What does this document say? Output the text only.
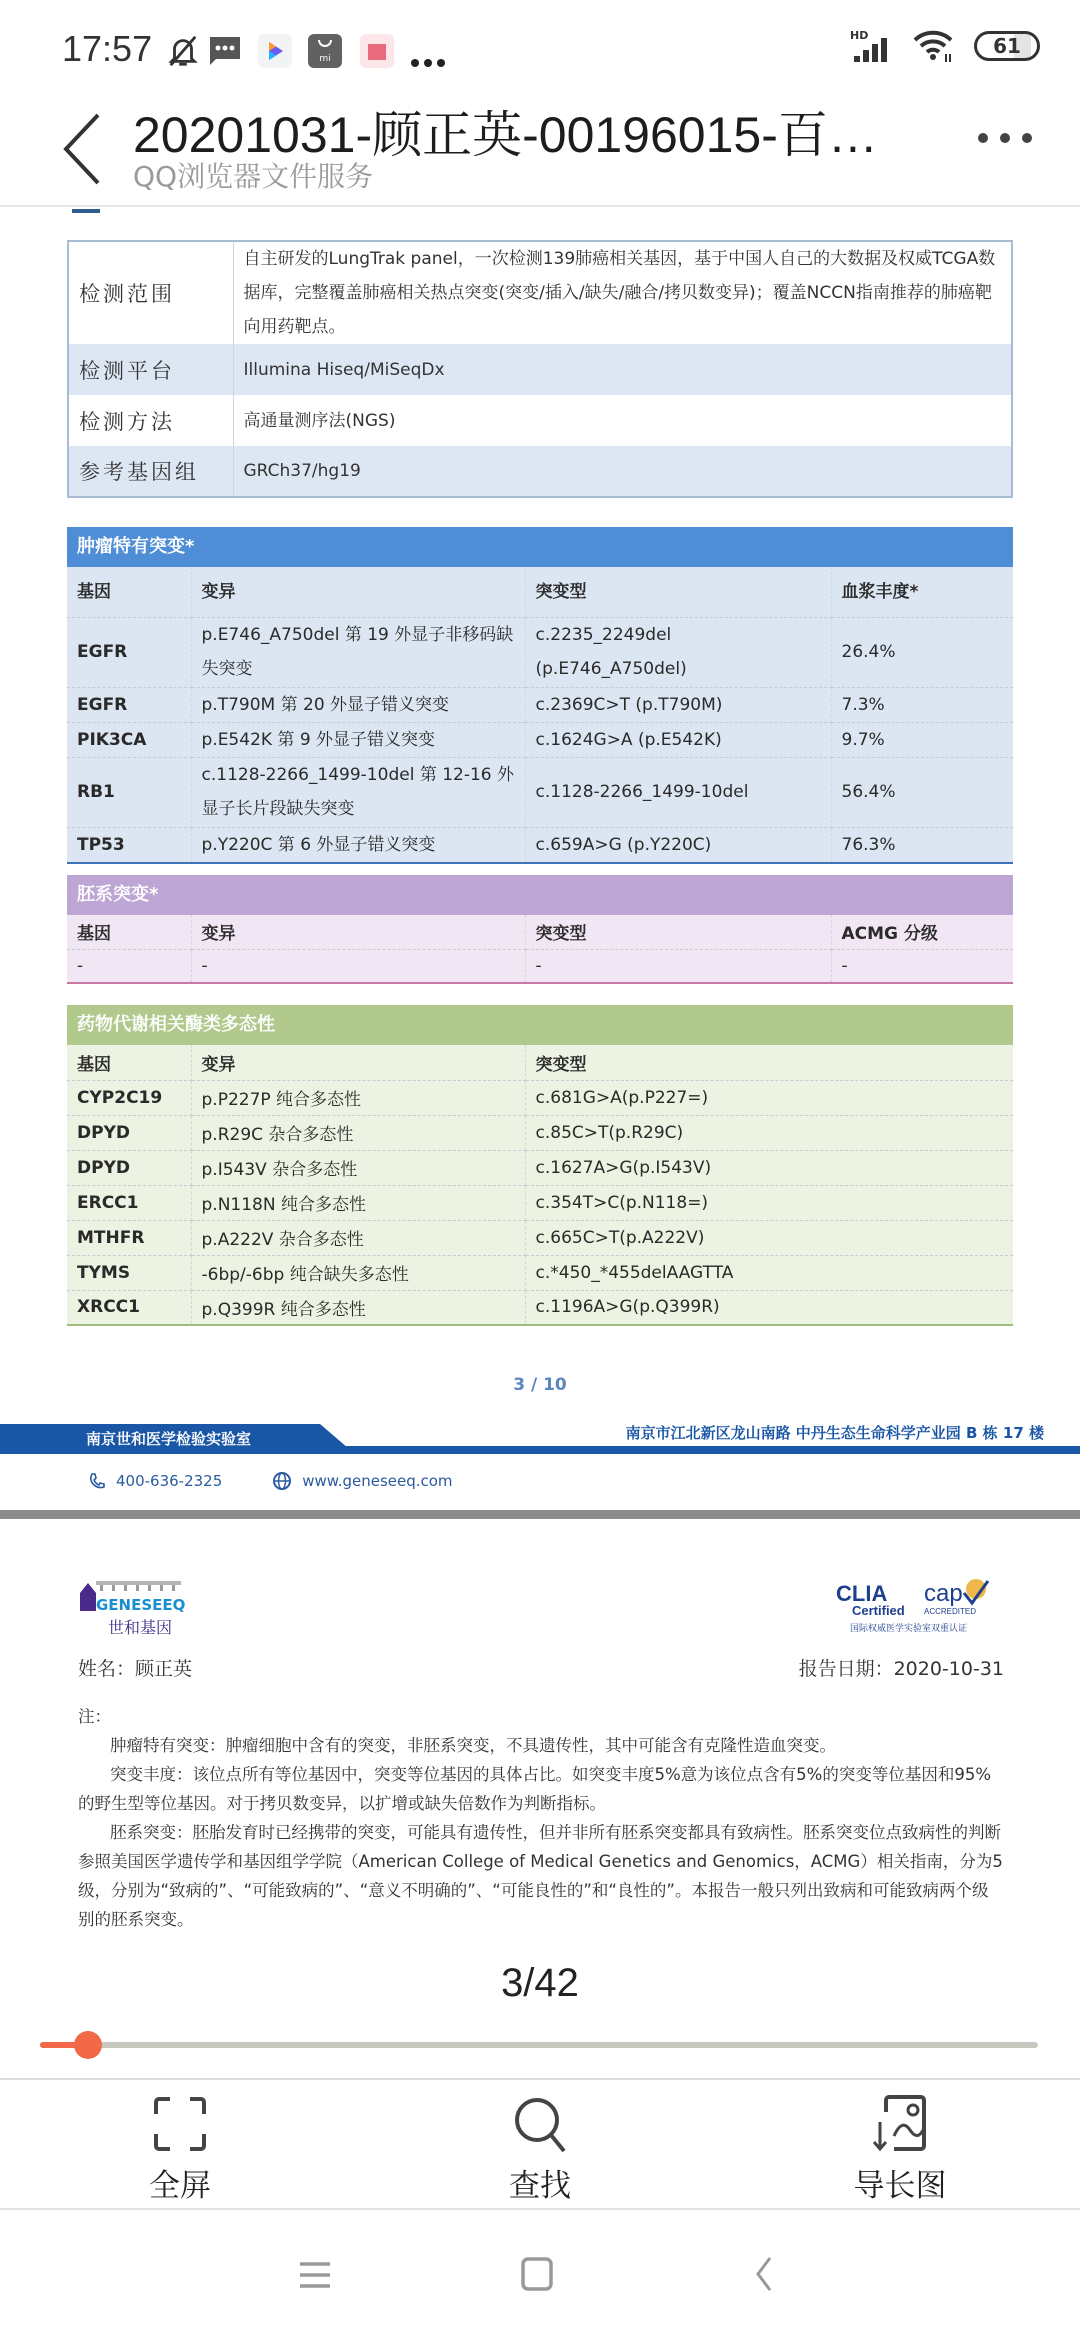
17:57	mi
HD	61
20201031-顾正英-00196015-百…
QQ浏览器文件服务
检测范围	自主研发的LungTrak panel，一次检测139肺癌相关基因，基于中国人自己的大数据及权威TCGA数据库，完整覆盖肺癌相关热点突变(突变/插入/缺失/融合/拷贝数变异)；覆盖NCCN指南推荐的肺癌靶向用药靶点。
检测平台	Illumina Hiseq/MiSeqDx
检测方法	高通量测序法(NGS)
参考基因组	GRCh37/hg19
肿瘤特有突变*
基因	变异	突变型	血浆丰度*
EGFR	p.E746_A750del 第 19 外显子非移码缺失突变	c.2235_2249del (p.E746_A750del)	26.4%
EGFR	p.T790M 第 20 外显子错义突变	c.2369C>T (p.T790M)	7.3%
PIK3CA	p.E542K 第 9 外显子错义突变	c.1624G>A (p.E542K)	9.7%
RB1	c.1128-2266_1499-10del 第 12-16 外显子长片段缺失突变	c.1128-2266_1499-10del	56.4%
TP53	p.Y220C 第 6 外显子错义突变	c.659A>G (p.Y220C)	76.3%
胚系突变*
基因	变异	突变型	ACMG 分级
-	-	-	-
药物代谢相关酶类多态性
基因	变异	突变型
CYP2C19	p.P227P 纯合多态性	c.681G>A(p.P227=)
DPYD	p.R29C 杂合多态性	c.85C>T(p.R29C)
DPYD	p.I543V 杂合多态性	c.1627A>G(p.I543V)
ERCC1	p.N118N 纯合多态性	c.354T>C(p.N118=)
MTHFR	p.A222V 杂合多态性	c.665C>T(p.A222V)
TYMS	-6bp/-6bp 纯合缺失多态性	c.*450_*455delAAGTTA
XRCC1	p.Q399R 纯合多态性	c.1196A>G(p.Q399R)
3 / 10
南京世和医学检验实验室	南京市江北新区龙山南路 中丹生态生命科学产业园 B 栋 17 楼
400-636-2325	www.geneseeq.com
GENESEEQ
世和基因
CLIA
Certified
cap
ACCREDITED
国际权威医学实验室双重认证
姓名：顾正英	报告日期：2020-10-31

注：

肿瘤特有突变：肿瘤细胞中含有的突变，非胚系突变，不具遗传性，其中可能含有克隆性造血突变。

突变丰度：该位点所有等位基因中，突变等位基因的具体占比。如突变丰度5%意为该位点含有5%的突变等位基因和95%的野生型等位基因。对于拷贝数变异，以扩增或缺失倍数作为判断指标。

胚系突变：胚胎发育时已经携带的突变，可能具有遗传性，但并非所有胚系突变都具有致病性。胚系突变位点致病性的判断参照美国医学遗传学和基因组学学院（American College of Medical Genetics and Genomics，ACMG）相关指南，分为5级，分别为“致病的”、“可能致病的”、“意义不明确的”、“可能良性的”和“良性的”。本报告一般只列出致病和可能致病两个级别的胚系突变。

3/42

全屏	查找	导长图
